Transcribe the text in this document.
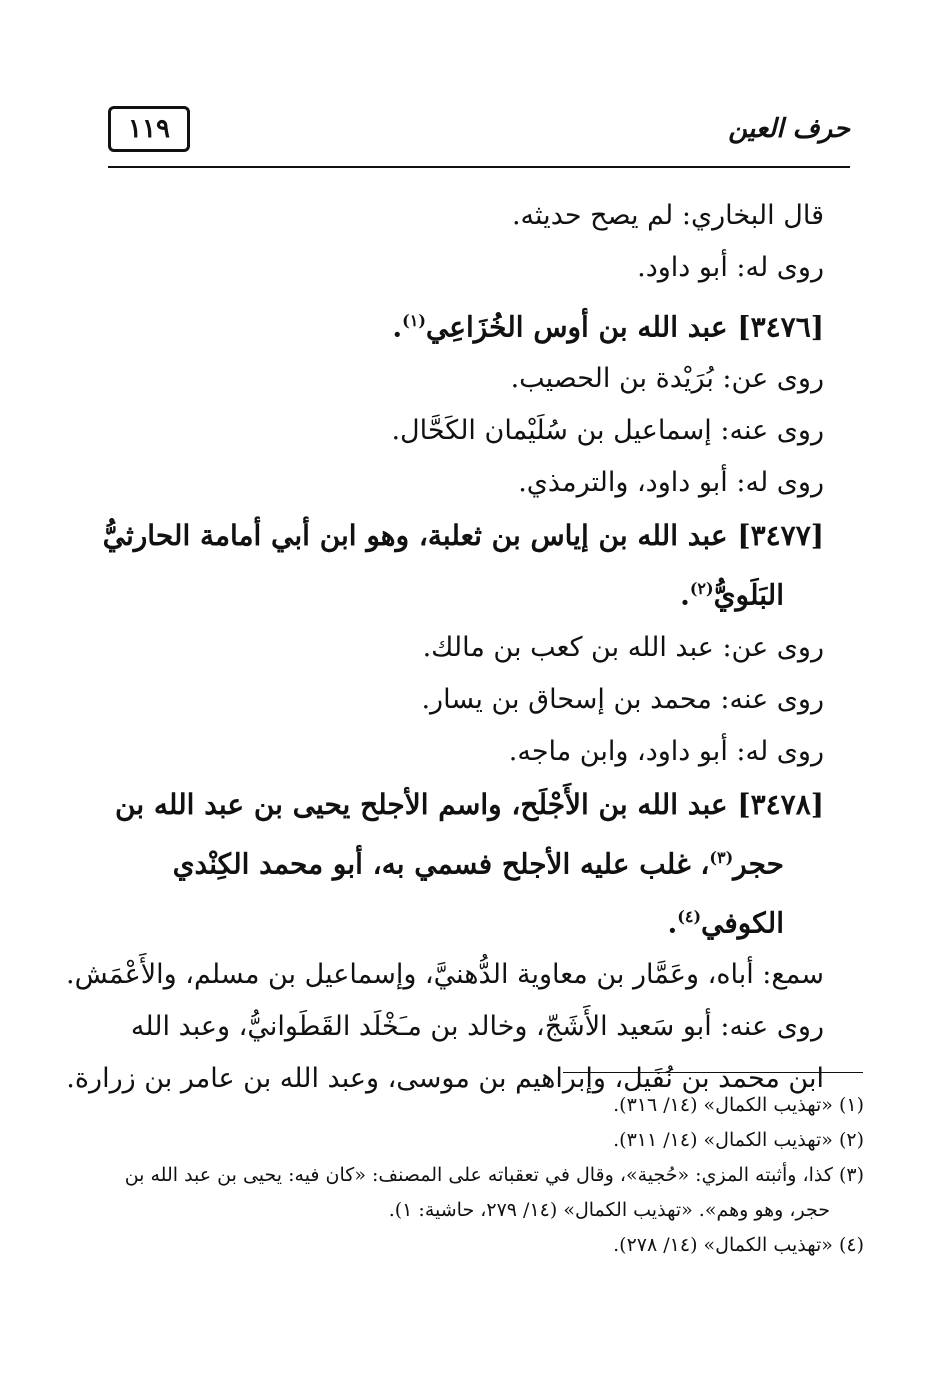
١١٩	حرف العين
قال البخاري: لم يصح حديثه.
روى له: أبو داود.
[٣٤٧٦] عبد الله بن أوس الخُزَاعِي$^{(١)}$.
روى عن: بُرَيْدة بن الحصيب.
روى عنه: إسماعيل بن سُلَيْمان الكَحَّال.
روى له: أبو داود، والترمذي.
[٣٤٧٧] عبد الله بن إياس بن ثعلبة، وهو ابن أبي أمامة الحارثيُّ
البَلَويُّ$^{(٢)}$.
روى عن: عبد الله بن كعب بن مالك.
روى عنه: محمد بن إسحاق بن يسار.
روى له: أبو داود، وابن ماجه.
[٣٤٧٨] عبد الله بن الأَجْلَح، واسم الأجلح يحيى بن عبد الله بن
حجر$^{(٣)}$، غلب عليه الأجلح فسمي به، أبو محمد الكِنْدي
الكوفي$^{(٤)}$.
سمع: أباه، وعَمَّار بن معاوية الدُّهنيَّ، وإسماعيل بن مسلم، والأَعْمَش.
روى عنه: أبو سَعيد الأَشَجّ، وخالد بن مـَخْلَد القَطَوانيُّ، وعبد الله
ابن محمد بن نُفَيل، وإبراهيم بن موسى، وعبد الله بن عامر بن زرارة.
(١) «تهذيب الكمال» (١٤/ ٣١٦).
(٢) «تهذيب الكمال» (١٤/ ٣١١).
(٣) كذا، وأثبته المزي: «حُجية»، وقال في تعقباته على المصنف: «كان فيه: يحيى بن عبد الله بن
حجر، وهو وهم». «تهذيب الكمال» (١٤/ ٢٧٩، حاشية: ١).
(٤) «تهذيب الكمال» (١٤/ ٢٧٨).
